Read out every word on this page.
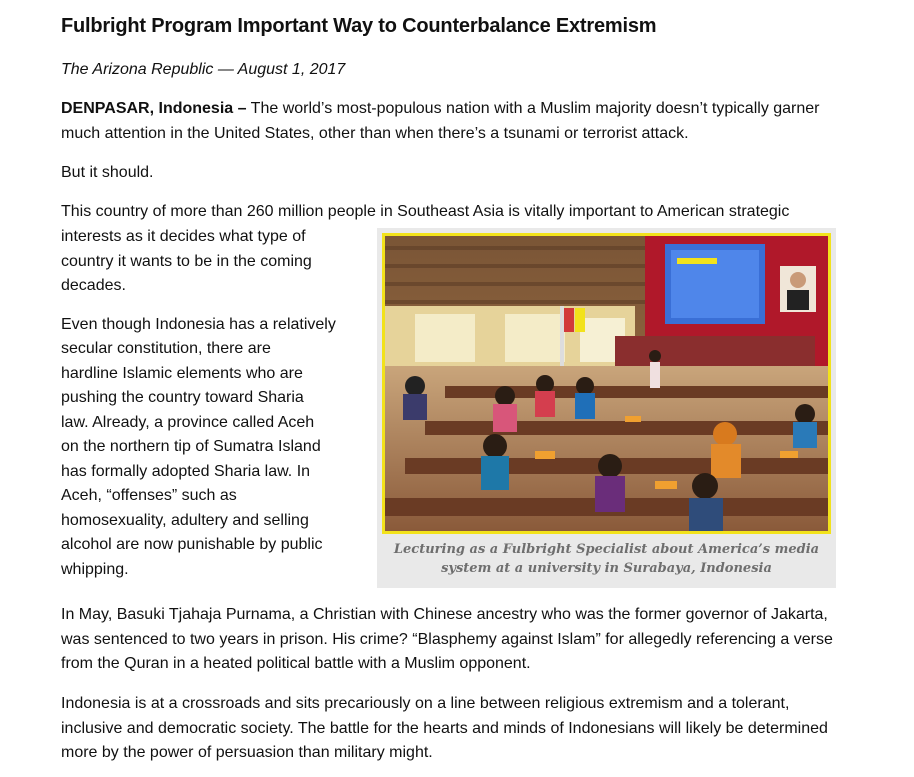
Fulbright Program Important Way to Counterbalance Extremism
The Arizona Republic — August 1, 2017

DENPASAR, Indonesia – The world’s most-populous nation with a Muslim majority doesn’t typically garner much attention in the United States, other than when there’s a tsunami or terrorist attack.

But it should.

This country of more than 260 million people in Southeast Asia is vitally important to American strategic

interests as it decides what type of
country it wants to be in the coming
decades.
Even though Indonesia has a relatively
secular constitution, there are
hardline Islamic elements who are
pushing the country toward Sharia
law. Already, a province called Aceh
on the northern tip of Sumatra Island
has formally adopted Sharia law. In
Aceh, “offenses” such as
homosexuality, adultery and selling
alcohol are now punishable by public
whipping.

In May, Basuki Tjahaja Purnama, a Christian with Chinese ancestry who was the former governor of Jakarta, was sentenced to two years in prison. His crime? “Blasphemy against Islam” for allegedly referencing a verse from the Quran in a heated political battle with a Muslim opponent.

Indonesia is at a crossroads and sits precariously on a line between religious extremism and a tolerant, inclusive and democratic society. The battle for the hearts and minds of Indonesians will likely be determined more by the power of persuasion than military might.

Lecturing as a Fulbright Specialist about America’s media
system at a university in Surabaya, Indonesia
